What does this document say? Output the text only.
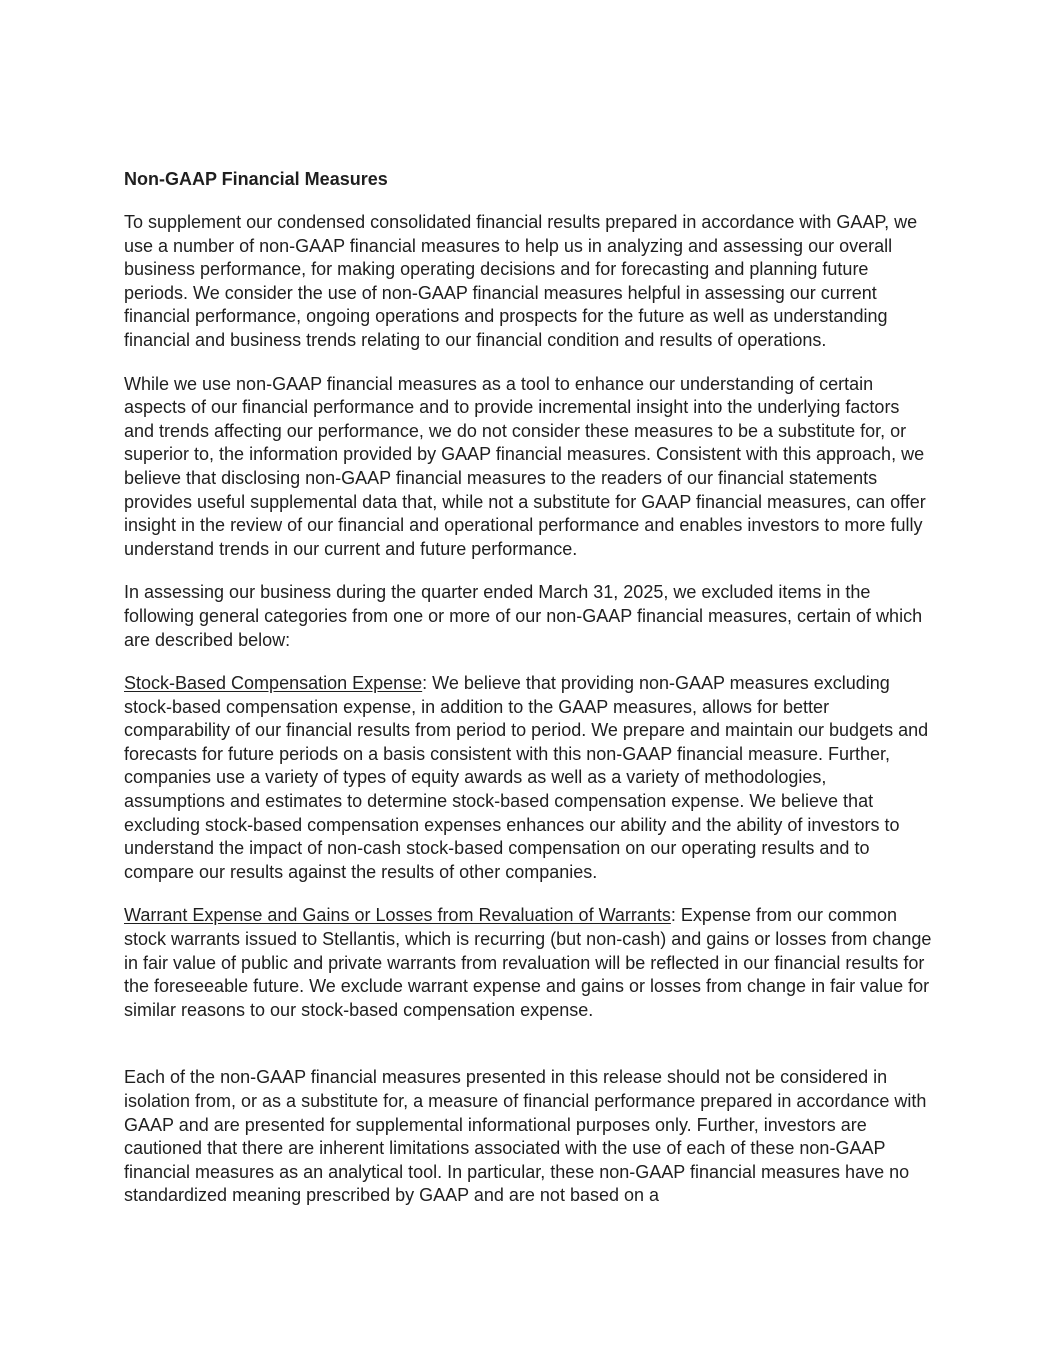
Non-GAAP Financial Measures

To supplement our condensed consolidated financial results prepared in accordance with GAAP, we use a number of non-GAAP financial measures to help us in analyzing and assessing our overall business performance, for making operating decisions and for forecasting and planning future periods. We consider the use of non-GAAP financial measures helpful in assessing our current financial performance, ongoing operations and prospects for the future as well as understanding financial and business trends relating to our financial condition and results of operations.

While we use non-GAAP financial measures as a tool to enhance our understanding of certain aspects of our financial performance and to provide incremental insight into the underlying factors and trends affecting our performance, we do not consider these measures to be a substitute for, or superior to, the information provided by GAAP financial measures. Consistent with this approach, we believe that disclosing non-GAAP financial measures to the readers of our financial statements provides useful supplemental data that, while not a substitute for GAAP financial measures, can offer insight in the review of our financial and operational performance and enables investors to more fully understand trends in our current and future performance.

In assessing our business during the quarter ended March 31, 2025, we excluded items in the following general categories from one or more of our non-GAAP financial measures, certain of which are described below:

Stock-Based Compensation Expense: We believe that providing non-GAAP measures excluding stock-based compensation expense, in addition to the GAAP measures, allows for better comparability of our financial results from period to period. We prepare and maintain our budgets and forecasts for future periods on a basis consistent with this non-GAAP financial measure. Further, companies use a variety of types of equity awards as well as a variety of methodologies, assumptions and estimates to determine stock-based compensation expense. We believe that excluding stock-based compensation expenses enhances our ability and the ability of investors to understand the impact of non-cash stock-based compensation on our operating results and to compare our results against the results of other companies.

Warrant Expense and Gains or Losses from Revaluation of Warrants: Expense from our common stock warrants issued to Stellantis, which is recurring (but non-cash) and gains or losses from change in fair value of public and private warrants from revaluation will be reflected in our financial results for the foreseeable future. We exclude warrant expense and gains or losses from change in fair value for similar reasons to our stock-based compensation expense.

Each of the non-GAAP financial measures presented in this release should not be considered in isolation from, or as a substitute for, a measure of financial performance prepared in accordance with GAAP and are presented for supplemental informational purposes only. Further, investors are cautioned that there are inherent limitations associated with the use of each of these non-GAAP financial measures as an analytical tool. In particular, these non-GAAP financial measures have no standardized meaning prescribed by GAAP and are not based on a
